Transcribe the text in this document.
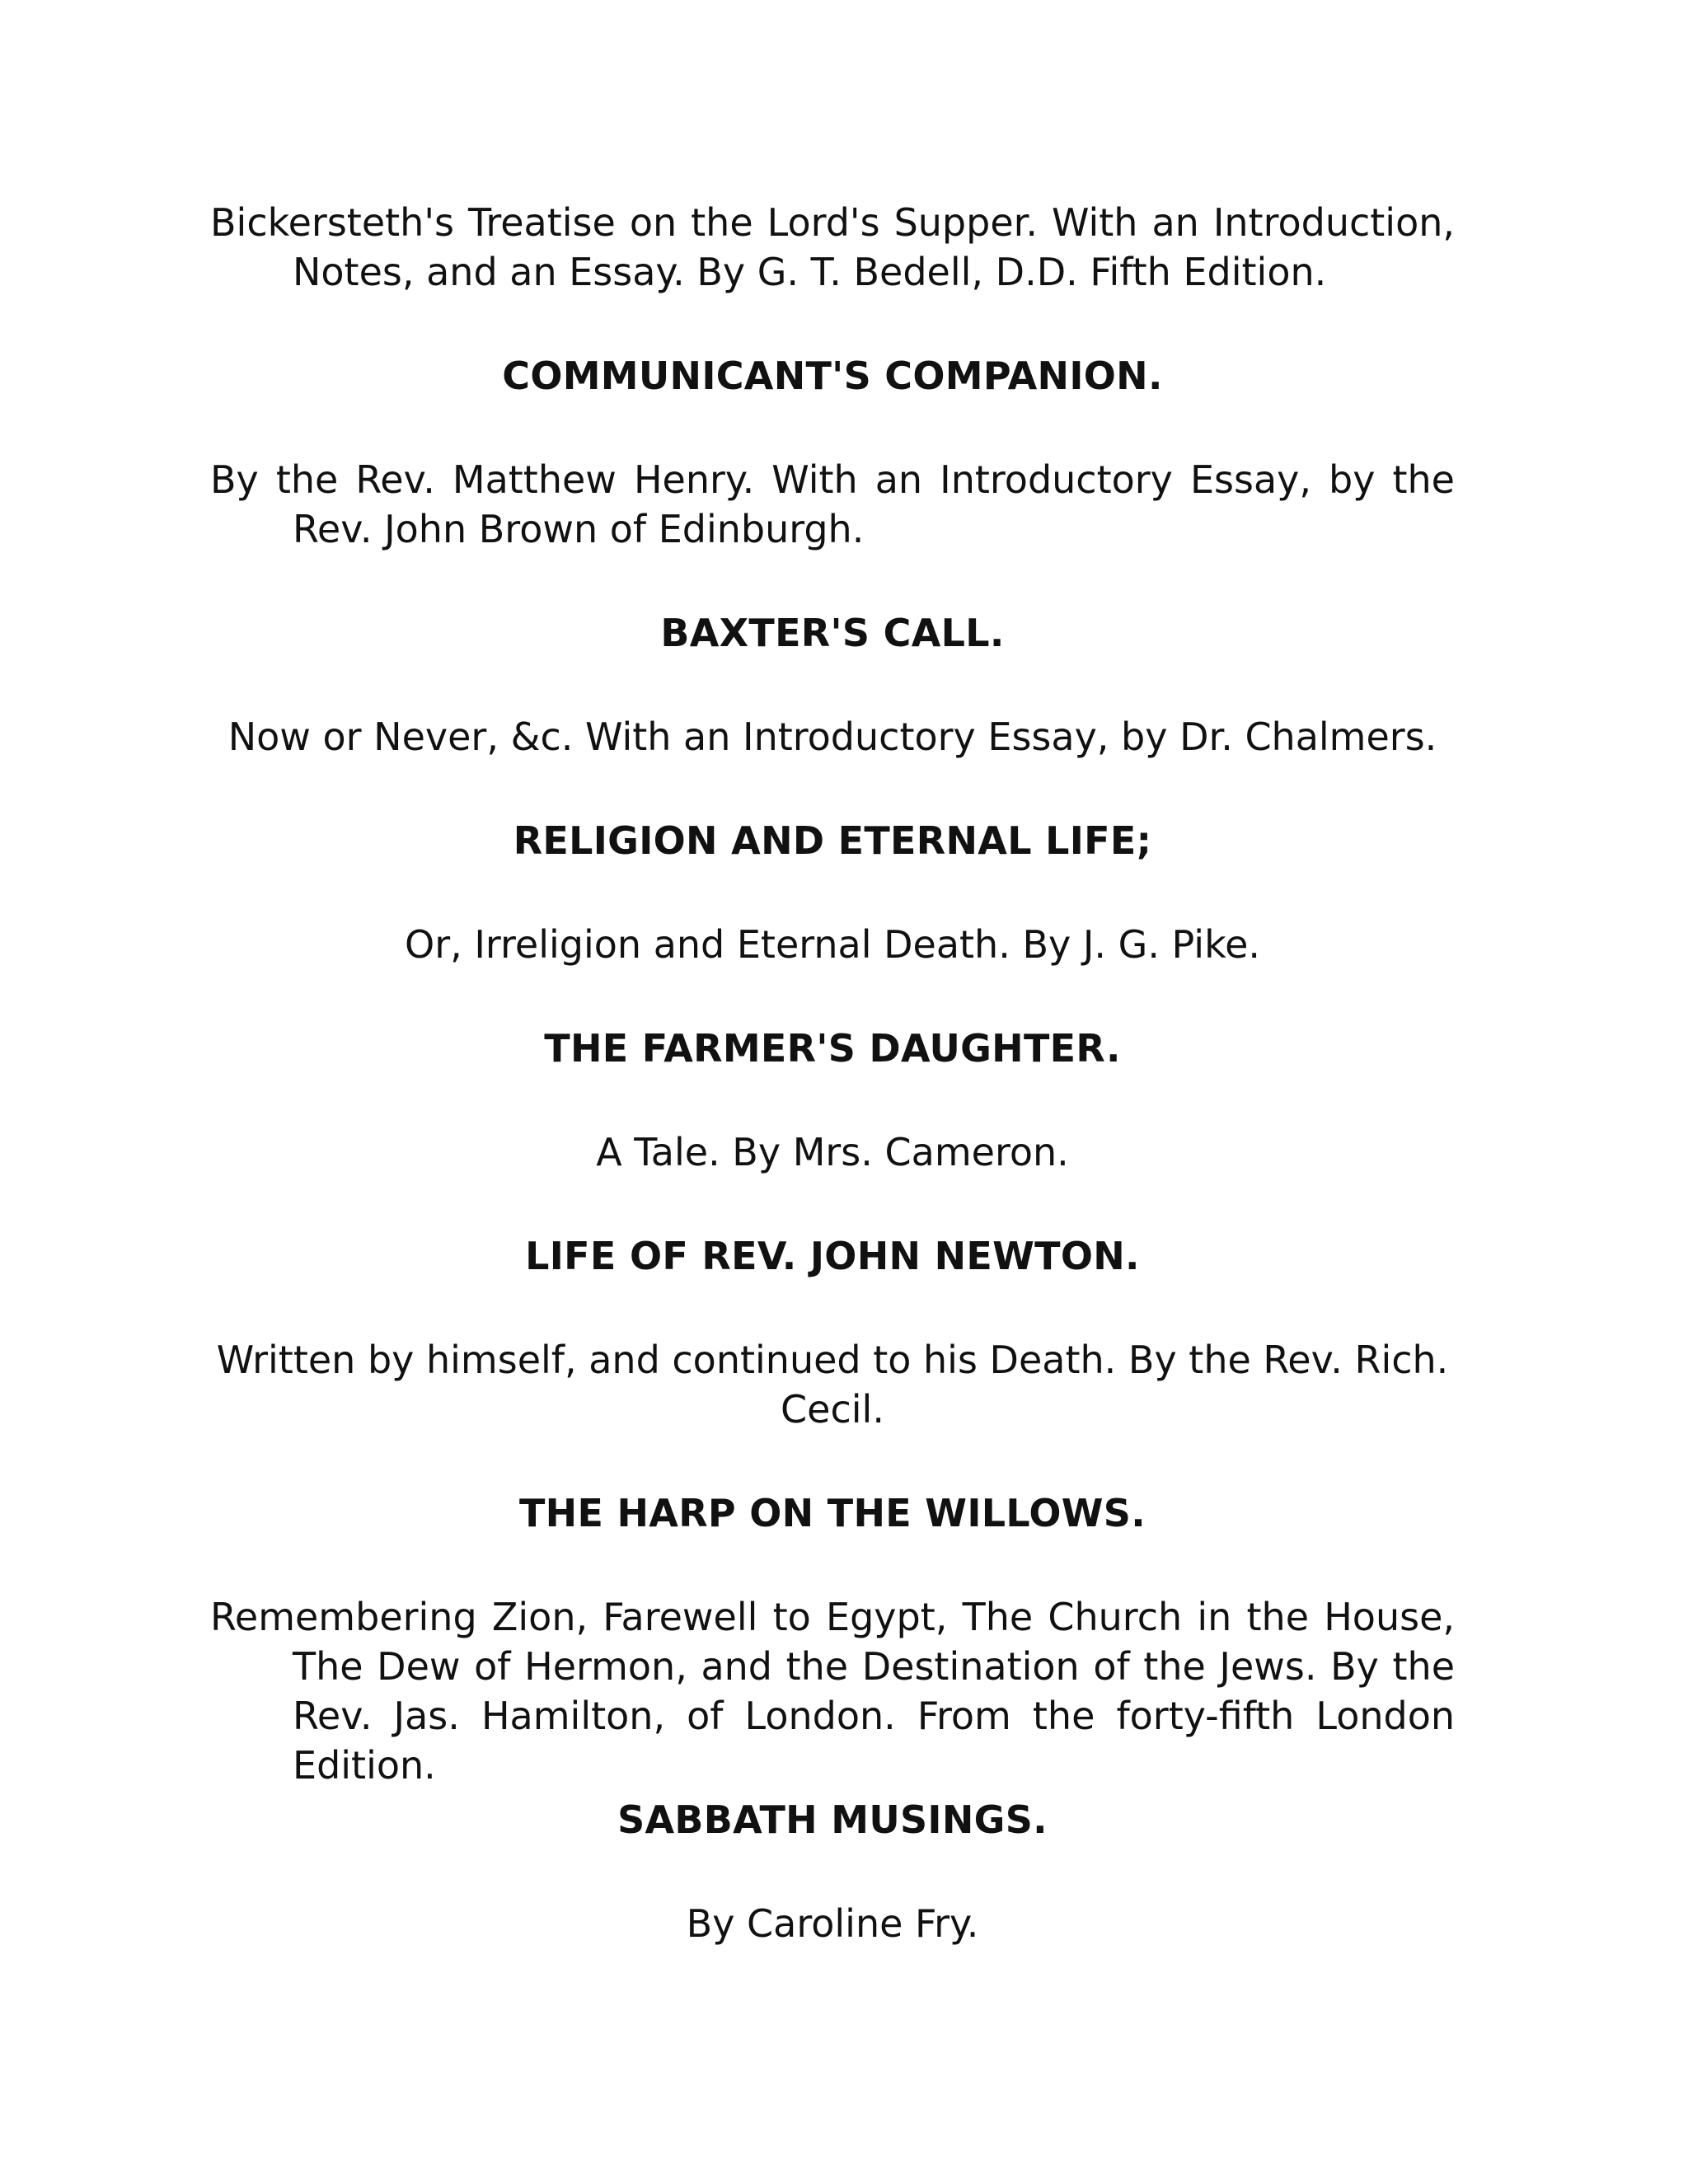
Bickersteth's Treatise on the Lord's Supper. With an Introduction, Notes, and an Essay. By G. T. Bedell, D.D. Fifth Edition.

COMMUNICANT'S COMPANION.

By the Rev. Matthew Henry. With an Introductory Essay, by the Rev. John Brown of Edinburgh.

BAXTER'S CALL.

Now or Never, &c. With an Introductory Essay, by Dr. Chalmers.

RELIGION AND ETERNAL LIFE;

Or, Irreligion and Eternal Death. By J. G. Pike.

THE FARMER'S DAUGHTER.

A Tale. By Mrs. Cameron.

LIFE OF REV. JOHN NEWTON.

Written by himself, and continued to his Death. By the Rev. Rich. Cecil.

THE HARP ON THE WILLOWS.

Remembering Zion, Farewell to Egypt, The Church in the House, The Dew of Hermon, and the Destination of the Jews. By the Rev. Jas. Hamilton, of London. From the forty-fifth London Edition.

SABBATH MUSINGS.

By Caroline Fry.
